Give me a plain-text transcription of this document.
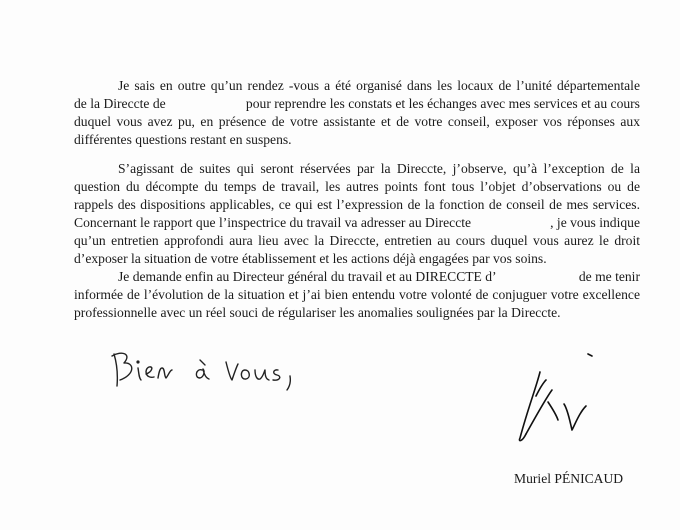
Je sais en outre qu’un rendez -vous a été organisé dans les locaux de l’unité départementale
de la Direccte de	pour reprendre les constats et les échanges avec mes services et au cours
duquel vous avez pu, en présence de votre assistante et de votre conseil, exposer vos réponses aux
différentes questions restant en suspens.

S’agissant de suites qui seront réservées par la Direccte, j’observe, qu’à l’exception de la
question du décompte du temps de travail, les autres points font tous l’objet d’observations ou de
rappels des dispositions applicables, ce qui est l’expression de la fonction de conseil de mes services.
Concernant le rapport que l’inspectrice du travail va adresser au Direccte	, je vous indique
qu’un entretien approfondi aura lieu avec la Direccte, entretien au cours duquel vous aurez le droit
d’exposer la situation de votre établissement et les actions déjà engagées par vos soins.

Je demande enfin au Directeur général du travail et au DIRECCTE d’	de me tenir
informée de l’évolution de la situation et j’ai bien entendu votre volonté de conjuguer votre excellence
professionnelle avec un réel souci de régulariser les anomalies soulignées par la Direccte.

Muriel PÉNICAUD
